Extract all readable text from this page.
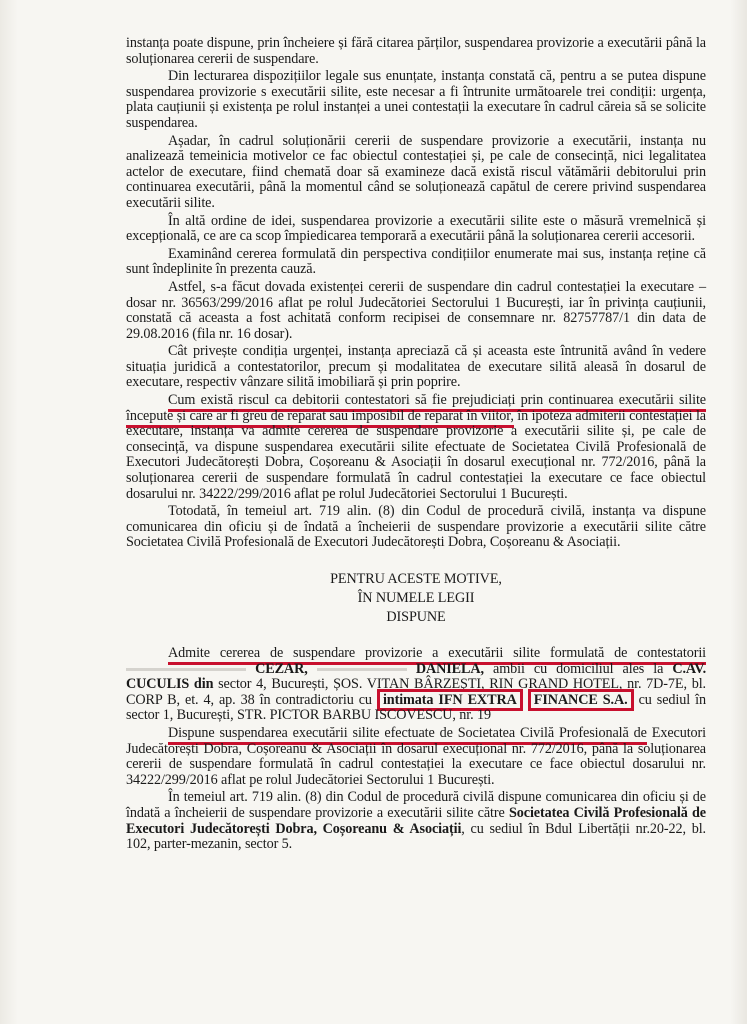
instanța poate dispune, prin încheiere și fără citarea părților, suspendarea provizorie a executării până la soluționarea cererii de suspendare.

Din lecturarea dispozițiilor legale sus enunțate, instanța constată că, pentru a se putea dispune suspendarea provizorie s executării silite, este necesar a fi întrunite următoarele trei condiții: urgența, plata cauțiunii și existența pe rolul instanței a unei contestații la executare în cadrul căreia să se solicite suspendarea.

Așadar, în cadrul soluționării cererii de suspendare provizorie a executării, instanța nu analizează temeinicia motivelor ce fac obiectul contestației și, pe cale de consecință, nici legalitatea actelor de executare, fiind chemată doar să examineze dacă există riscul vătămării debitorului prin continuarea executării, până la momentul când se soluționează capătul de cerere privind suspendarea executării silite.

În altă ordine de idei, suspendarea provizorie a executării silite este o măsură vremelnică și excepțională, ce are ca scop împiedicarea temporară a executării până la soluționarea cererii accesorii.

Examinând cererea formulată din perspectiva condițiilor enumerate mai sus, instanța reține că sunt îndeplinite în prezenta cauză.

Astfel, s-a făcut dovada existenței cererii de suspendare din cadrul contestației la executare – dosar nr. 36563/299/2016 aflat pe rolul Judecătoriei Sectorului 1 București, iar în privința cauțiunii, constată că aceasta a fost achitată conform recipisei de consemnare nr. 82757787/1 din data de 29.08.2016 (fila nr. 16 dosar).

Cât privește condiția urgenței, instanța apreciază că și aceasta este întrunită având în vedere situația juridică a contestatorilor, precum și modalitatea de executare silită aleasă în dosarul de executare, respectiv vânzare silită imobiliară și prin poprire.

Cum există riscul ca debitorii contestatori să fie prejudiciați prin continuarea executării silite începute și care ar fi greu de reparat sau imposibil de reparat în viitor, în ipoteza admiterii contestației la executare, instanța va admite cererea de suspendare provizorie a executării silite și, pe cale de consecință, va dispune suspendarea executării silite efectuate de Societatea Civilă Profesională de Executori Judecătorești Dobra, Coșoreanu & Asociații în dosarul execuțional nr. 772/2016, până la soluționarea cererii de suspendare formulată în cadrul contestației la executare ce face obiectul dosarului nr. 34222/299/2016 aflat pe rolul Judecătoriei Sectorului 1 București.

Totodată, în temeiul art. 719 alin. (8) din Codul de procedură civilă, instanța va dispune comunicarea din oficiu și de îndată a încheierii de suspendare provizorie a executării silite către Societatea Civilă Profesională de Executori Judecătorești Dobra, Coșoreanu & Asociații.

PENTRU ACESTE MOTIVE,

ÎN NUMELE LEGII

DISPUNE

Admite cererea de suspendare provizorie a executării silite formulată de contestatorii  CEZAR,	DANIELA, ambii cu domiciliul ales la C.AV. CUCULIS din sector 4, București, ȘOS. VITAN BÂRZEȘTI, RIN GRAND HOTEL, nr. 7D-7E, bl. CORP B, et. 4, ap. 38 în contradictoriu cu intimata IFN EXTRA FINANCE S.A. cu sediul în sector 1, București, STR. PICTOR BARBU ISCOVESCU, nr. 19

Dispune suspendarea executării silite efectuate de Societatea Civilă Profesională de Executori Judecătorești Dobra, Coșoreanu & Asociații în dosarul execuțional nr. 772/2016, până la soluționarea cererii de suspendare formulată în cadrul contestației la executare ce face obiectul dosarului nr. 34222/299/2016 aflat pe rolul Judecătoriei Sectorului 1 București.

În temeiul art. 719 alin. (8) din Codul de procedură civilă dispune comunicarea din oficiu și de îndată a încheierii de suspendare provizorie a executării silite către Societatea Civilă Profesională de Executori Judecătorești Dobra, Coșoreanu & Asociații, cu sediul în Bdul Libertății nr.20-22, bl. 102, parter-mezanin, sector 5.
